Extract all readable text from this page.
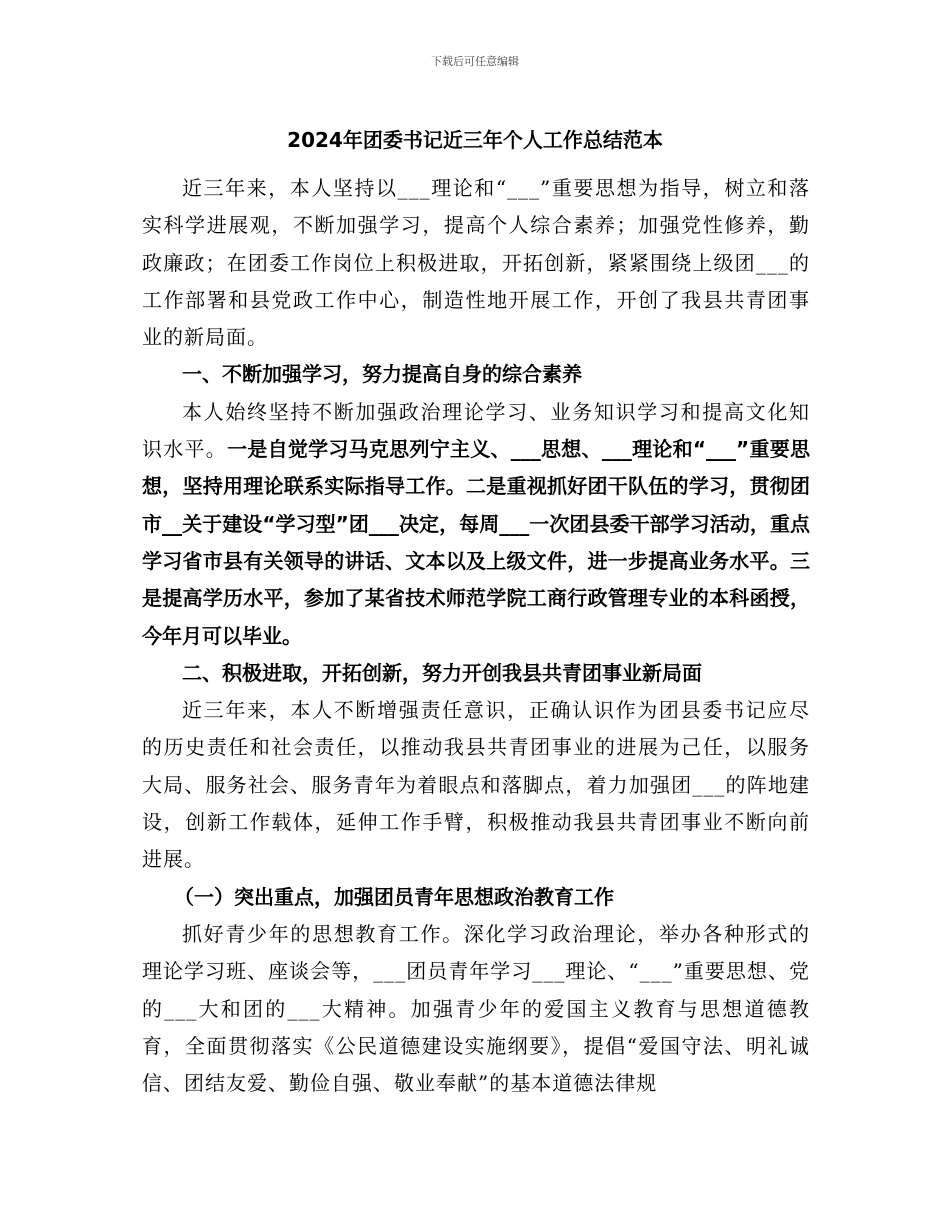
下载后可任意编辑
2024年团委书记近三年个人工作总结范本

近三年来，本人坚持以___理论和“___”重要思想为指导，树立和落实科学进展观，不断加强学习，提高个人综合素养；加强党性修养，勤政廉政；在团委工作岗位上积极进取，开拓创新，紧紧围绕上级团___的工作部署和县党政工作中心，制造性地开展工作，开创了我县共青团事业的新局面。

一、不断加强学习，努力提高自身的综合素养

本人始终坚持不断加强政治理论学习、业务知识学习和提高文化知识水平。一是自觉学习马克思列宁主义、___思想、___理论和“___”重要思想，坚持用理论联系实际指导工作。二是重视抓好团干队伍的学习，贯彻团市__关于建设“学习型”团___决定，每周___一次团县委干部学习活动，重点学习省市县有关领导的讲话、文本以及上级文件，进一步提高业务水平。三是提高学历水平，参加了某省技术师范学院工商行政管理专业的本科函授，今年月可以毕业。

二、积极进取，开拓创新，努力开创我县共青团事业新局面

近三年来，本人不断增强责任意识，正确认识作为团县委书记应尽的历史责任和社会责任，以推动我县共青团事业的进展为己任，以服务大局、服务社会、服务青年为着眼点和落脚点，着力加强团___的阵地建设，创新工作载体，延伸工作手臂，积极推动我县共青团事业不断向前进展。

（一）突出重点，加强团员青年思想政治教育工作

抓好青少年的思想教育工作。深化学习政治理论，举办各种形式的理论学习班、座谈会等，___团员青年学习___理论、“___”重要思想、党的___大和团的___大精神。加强青少年的爱国主义教育与思想道德教育，全面贯彻落实《公民道德建设实施纲要》，提倡“爱国守法、明礼诚信、团结友爱、勤俭自强、敬业奉献”的基本道德法律规
